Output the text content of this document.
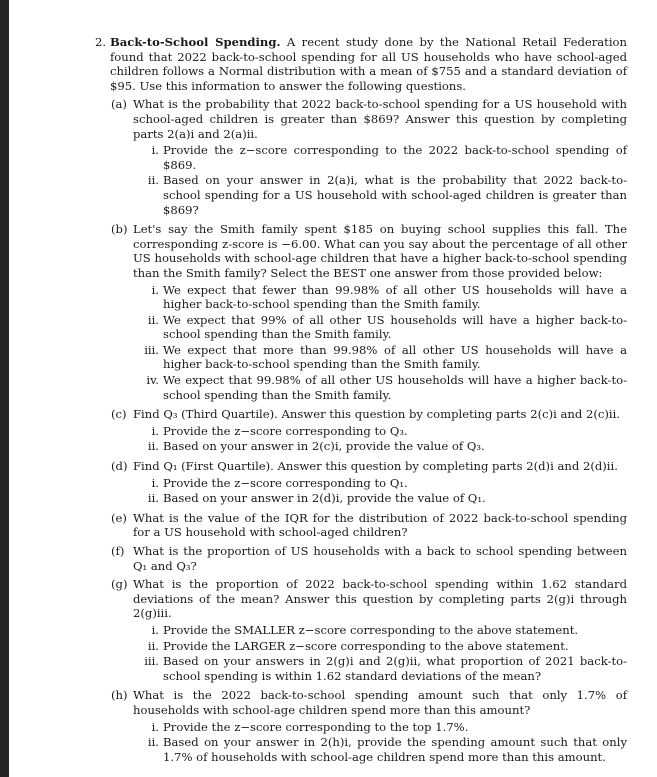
2. Back-to-School Spending. A recent study done by the National Retail Federation found that 2022 back-to-school spending for all US households who have school-aged children follows a Normal distribution with a mean of $755 and a standard deviation of $95. Use this information to answer the following questions.
(a) What is the probability that 2022 back-to-school spending for a US household with school-aged children is greater than $869? Answer this question by completing parts 2(a)i and 2(a)ii.
i. Provide the z−score corresponding to the 2022 back-to-school spending of $869.
ii. Based on your answer in 2(a)i, what is the probability that 2022 back-to-school spending for a US household with school-aged children is greater than $869?
(b) Let's say the Smith family spent $185 on buying school supplies this fall. The corresponding z-score is −6.00. What can you say about the percentage of all other US households with school-age children that have a higher back-to-school spending than the Smith family? Select the BEST one answer from those provided below:
i. We expect that fewer than 99.98% of all other US households will have a higher back-to-school spending than the Smith family.
ii. We expect that 99% of all other US households will have a higher back-to-school spending than the Smith family.
iii. We expect that more than 99.98% of all other US households will have a higher back-to-school spending than the Smith family.
iv. We expect that 99.98% of all other US households will have a higher back-to-school spending than the Smith family.
(c) Find Q₃ (Third Quartile). Answer this question by completing parts 2(c)i and 2(c)ii.
i. Provide the z−score corresponding to Q₃.
ii. Based on your answer in 2(c)i, provide the value of Q₃.
(d) Find Q₁ (First Quartile). Answer this question by completing parts 2(d)i and 2(d)ii.
i. Provide the z−score corresponding to Q₁.
ii. Based on your answer in 2(d)i, provide the value of Q₁.
(e) What is the value of the IQR for the distribution of 2022 back-to-school spending for a US household with school-aged children?
(f) What is the proportion of US households with a back to school spending between Q₁ and Q₃?
(g) What is the proportion of 2022 back-to-school spending within 1.62 standard deviations of the mean? Answer this question by completing parts 2(g)i through 2(g)iii.
i. Provide the SMALLER z−score corresponding to the above statement.
ii. Provide the LARGER z−score corresponding to the above statement.
iii. Based on your answers in 2(g)i and 2(g)ii, what proportion of 2021 back-to-school spending is within 1.62 standard deviations of the mean?
(h) What is the 2022 back-to-school spending amount such that only 1.7% of households with school-age children spend more than this amount?
i. Provide the z−score corresponding to the top 1.7%.
ii. Based on your answer in 2(h)i, provide the spending amount such that only 1.7% of households with school-age children spend more than this amount.
